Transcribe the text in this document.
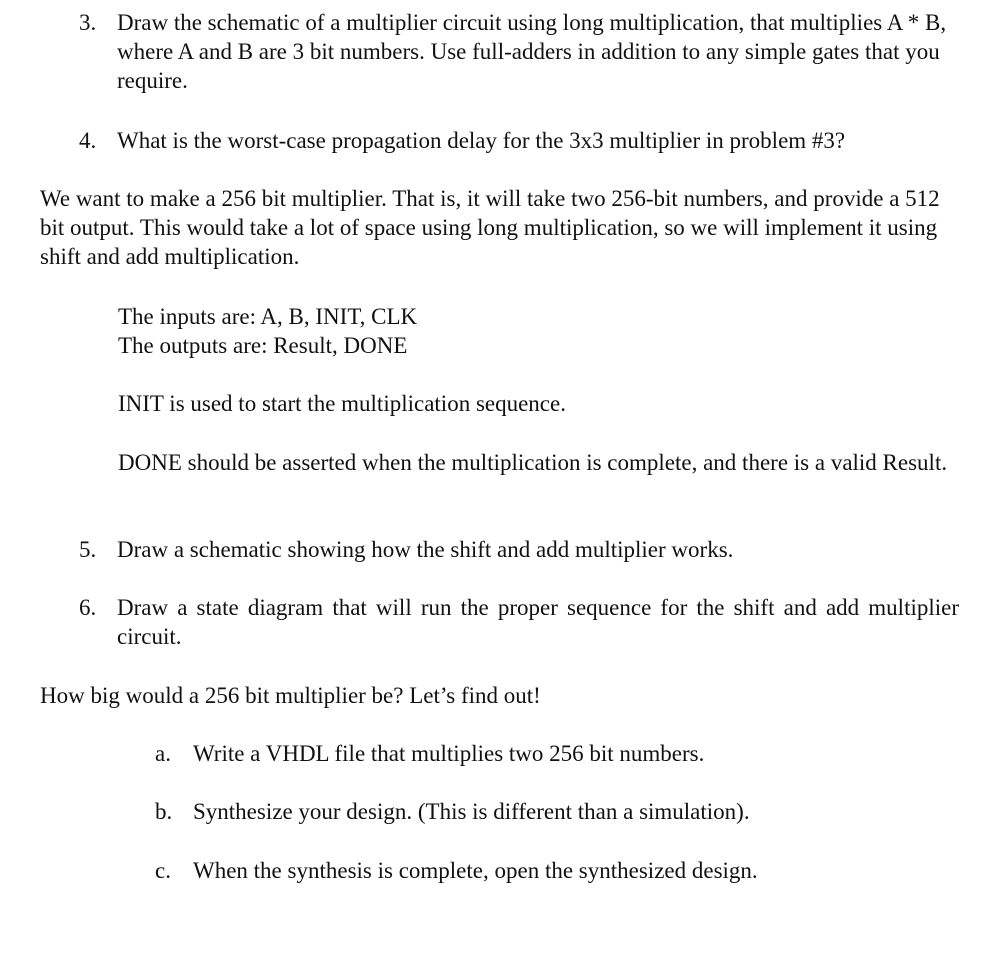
3. Draw the schematic of a multiplier circuit using long multiplication, that multiplies A * B, where A and B are 3 bit numbers. Use full-adders in addition to any simple gates that you require.
4. What is the worst-case propagation delay for the 3x3 multiplier in problem #3?

We want to make a 256 bit multiplier. That is, it will take two 256-bit numbers, and provide a 512 bit output. This would take a lot of space using long multiplication, so we will implement it using shift and add multiplication.

The inputs are: A, B, INIT, CLK

The outputs are: Result, DONE

INIT is used to start the multiplication sequence.

DONE should be asserted when the multiplication is complete, and there is a valid Result.

5. Draw a schematic showing how the shift and add multiplier works.
6. Draw a state diagram that will run the proper sequence for the shift and add multiplier circuit.

How big would a 256 bit multiplier be? Let’s find out!

a. Write a VHDL file that multiplies two 256 bit numbers.
b. Synthesize your design. (This is different than a simulation).
c. When the synthesis is complete, open the synthesized design.
